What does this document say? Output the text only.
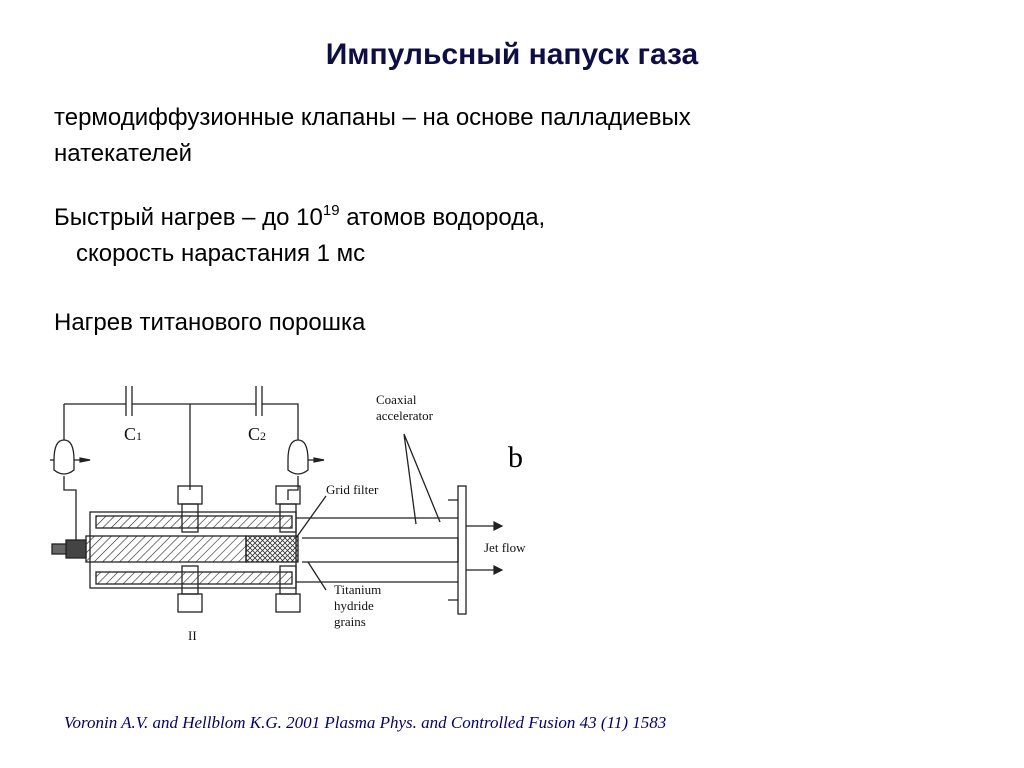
Импульсный напуск газа

термодиффузионные клапаны – на основе палладиевых натекателей

Быстрый нагрев – до $10^{19}$ атомов водорода,
скорость нарастания 1 мс

Нагрев титанового порошка

C1	C2
Coaxial
accelerator
Grid filter
Jet flow
Titanium
hydride
grains
II
b
Voronin A.V. and Hellblom K.G. 2001 Plasma Phys. and Controlled Fusion 43 (11) 1583
